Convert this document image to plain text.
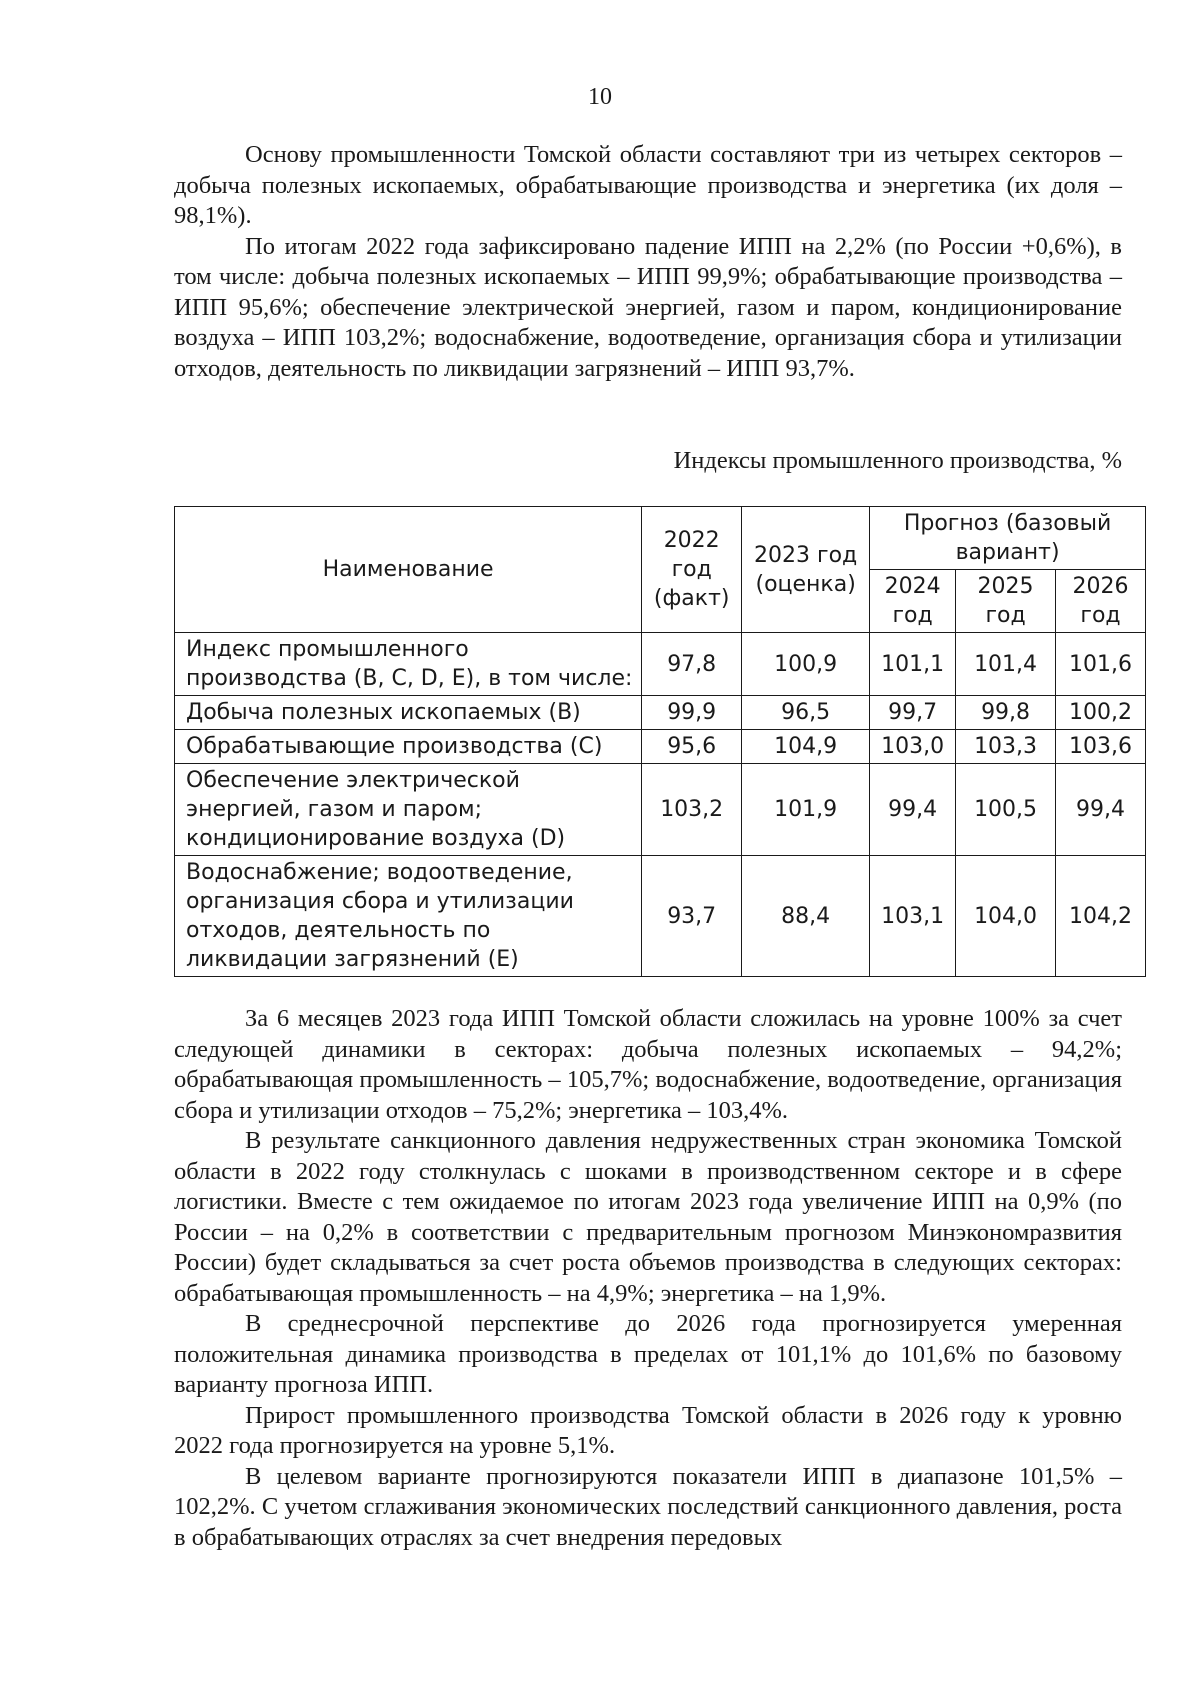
10

Основу промышленности Томской области составляют три из четырех секторов – добыча полезных ископаемых, обрабатывающие производства и энергетика (их доля – 98,1%).

По итогам 2022 года зафиксировано падение ИПП на 2,2% (по России +0,6%), в том числе: добыча полезных ископаемых – ИПП 99,9%; обрабатывающие производства – ИПП 95,6%; обеспечение электрической энергией, газом и паром, кондиционирование воздуха – ИПП 103,2%; водоснабжение, водоотведение, организация сбора и утилизации отходов, деятельность по ликвидации загрязнений – ИПП 93,7%.

Индексы промышленного производства, %
Наименование	2022 год (факт)	2023 год (оценка)	Прогноз (базовый вариант)		
			2024 год	2025 год	2026 год
Индекс промышленного производства (B, C, D, E), в том числе:	97,8	100,9	101,1	101,4	101,6
Добыча полезных ископаемых (B)	99,9	96,5	99,7	99,8	100,2
Обрабатывающие производства (C)	95,6	104,9	103,0	103,3	103,6
Обеспечение электрической энергией, газом и паром; кондиционирование воздуха (D)	103,2	101,9	99,4	100,5	99,4
Водоснабжение; водоотведение, организация сбора и утилизации отходов, деятельность по ликвидации загрязнений (E)	93,7	88,4	103,1	104,0	104,2

За 6 месяцев 2023 года ИПП Томской области сложилась на уровне 100% за счет следующей динамики в секторах: добыча полезных ископаемых – 94,2%; обрабатывающая промышленность – 105,7%; водоснабжение, водоотведение, организация сбора и утилизации отходов – 75,2%; энергетика – 103,4%.

В результате санкционного давления недружественных стран экономика Томской области в 2022 году столкнулась с шоками в производственном секторе и в сфере логистики. Вместе с тем ожидаемое по итогам 2023 года увеличение ИПП на 0,9% (по России – на 0,2% в соответствии с предварительным прогнозом Минэкономразвития России) будет складываться за счет роста объемов производства в следующих секторах: обрабатывающая промышленность – на 4,9%; энергетика – на 1,9%.

В среднесрочной перспективе до 2026 года прогнозируется умеренная положительная динамика производства в пределах от 101,1% до 101,6% по базовому варианту прогноза ИПП.

Прирост промышленного производства Томской области в 2026 году к уровню 2022 года прогнозируется на уровне 5,1%.

В целевом варианте прогнозируются показатели ИПП в диапазоне 101,5% – 102,2%. С учетом сглаживания экономических последствий санкционного давления, роста в обрабатывающих отраслях за счет внедрения передовых
